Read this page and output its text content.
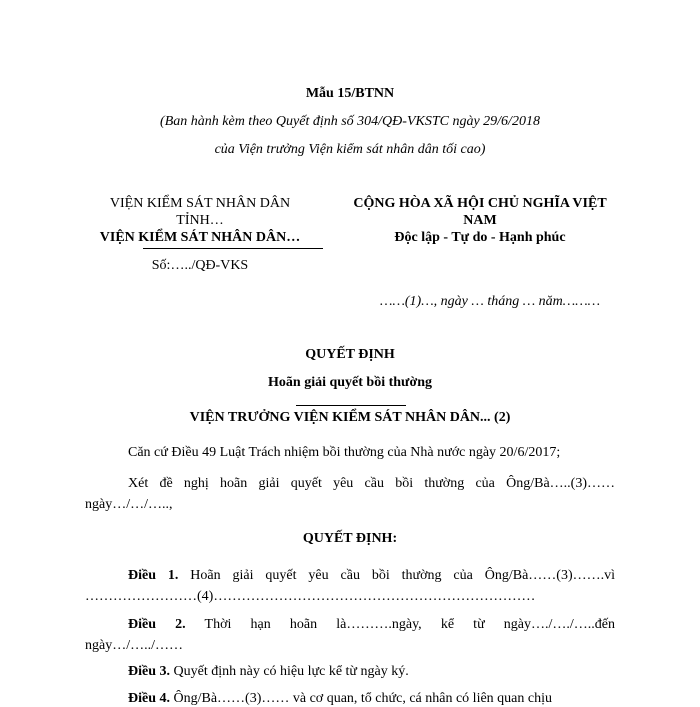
Mẫu 15/BTNN
(Ban hành kèm theo Quyết định số 304/QĐ-VKSTC ngày 29/6/2018
của Viện trưởng Viện kiểm sát nhân dân tối cao)
VIỆN KIỂM SÁT NHÂN DÂN
TỈNH…
VIỆN KIỂM SÁT NHÂN DÂN…
Số:…../QĐ-VKS
CỘNG HÒA XÃ HỘI CHỦ NGHĨA VIỆT
NAM
Độc lập - Tự do - Hạnh phúc
……(1)…, ngày … tháng … năm………
QUYẾT ĐỊNH
Hoãn giải quyết bồi thường
VIỆN TRƯỞNG VIỆN KIỂM SÁT NHÂN DÂN... (2)
Căn cứ Điều 49 Luật Trách nhiệm bồi thường của Nhà nước ngày 20/6/2017;
Xét đề nghị hoãn giải quyết yêu cầu bồi thường của Ông/Bà…..(3)……
ngày…/…/…..,
QUYẾT ĐỊNH:
Điều 1. Hoãn giải quyết yêu cầu bồi thường của Ông/Bà……(3)…….vì
……………………(4)……………………………………………………………
Điều 2. Thời hạn hoãn là……….ngày, kể từ ngày…./…./…..đến
ngày…/…../……
Điều 3. Quyết định này có hiệu lực kể từ ngày ký.
Điều 4. Ông/Bà……(3)…… và cơ quan, tổ chức, cá nhân có liên quan chịu
